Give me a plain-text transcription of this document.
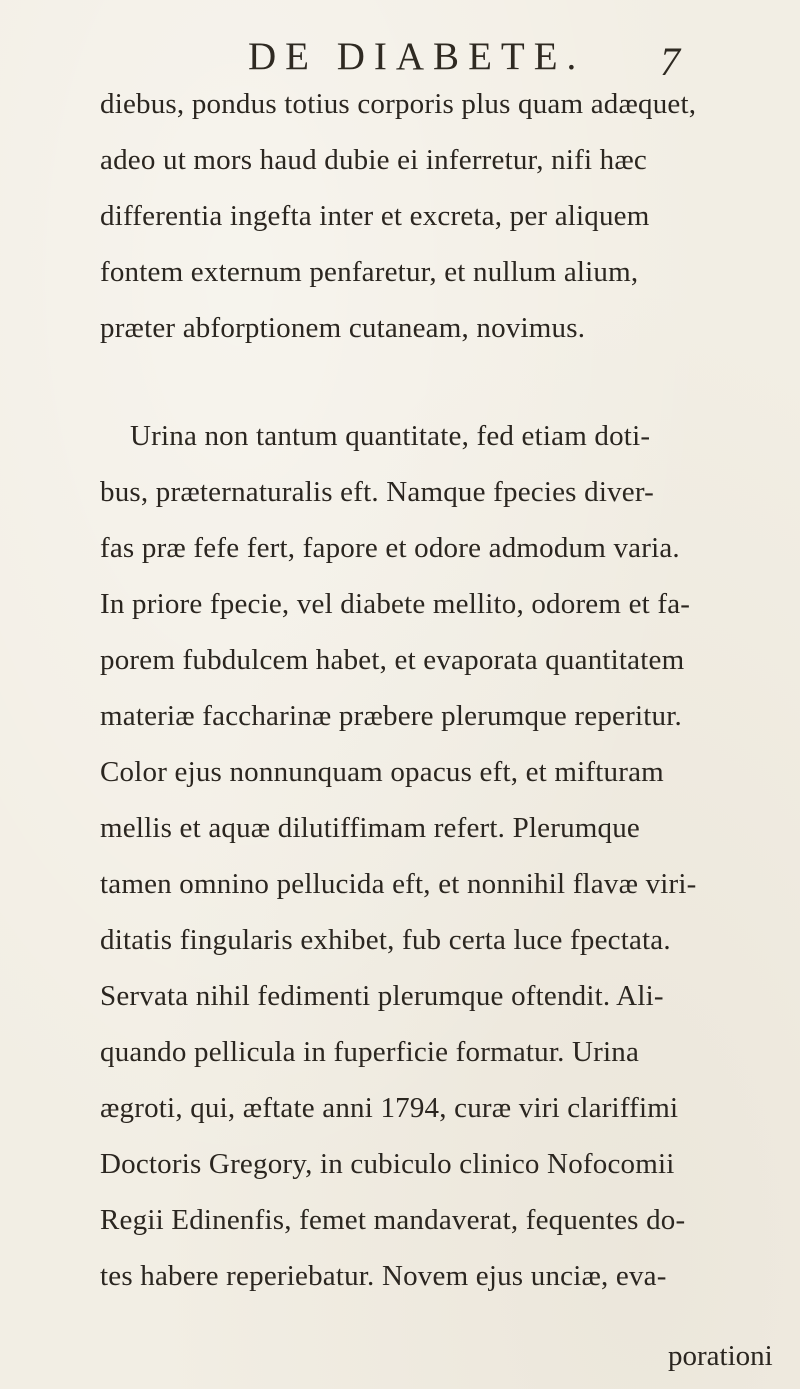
DE DIABETE. 7
diebus, pondus totius corporis plus quam adæquet,
adeo ut mors haud dubie ei inferretur, nifi hæc
differentia ingefta inter et excreta, per aliquem
fontem externum penfaretur, et nullum alium,
præter abforptionem cutaneam, novimus.
Urina non tantum quantitate, fed etiam doti-
bus, præternaturalis eft. Namque fpecies diver-
fas præ fefe fert, fapore et odore admodum varia.
In priore fpecie, vel diabete mellito, odorem et fa-
porem fubdulcem habet, et evaporata quantitatem
materiæ faccharinæ præbere plerumque reperitur.
Color ejus nonnunquam opacus eft, et mifturam
mellis et aquæ dilutiffimam refert. Plerumque
tamen omnino pellucida eft, et nonnihil flavæ viri-
ditatis fingularis exhibet, fub certa luce fpectata.
Servata nihil fedimenti plerumque oftendit. Ali-
quando pellicula in fuperficie formatur. Urina
ægroti, qui, æftate anni 1794, curæ viri clariffimi
Doctoris Gregory, in cubiculo clinico Nofocomii
Regii Edinenfis, femet mandaverat, fequentes do-
tes habere reperiebatur. Novem ejus unciæ, eva-
porationi
